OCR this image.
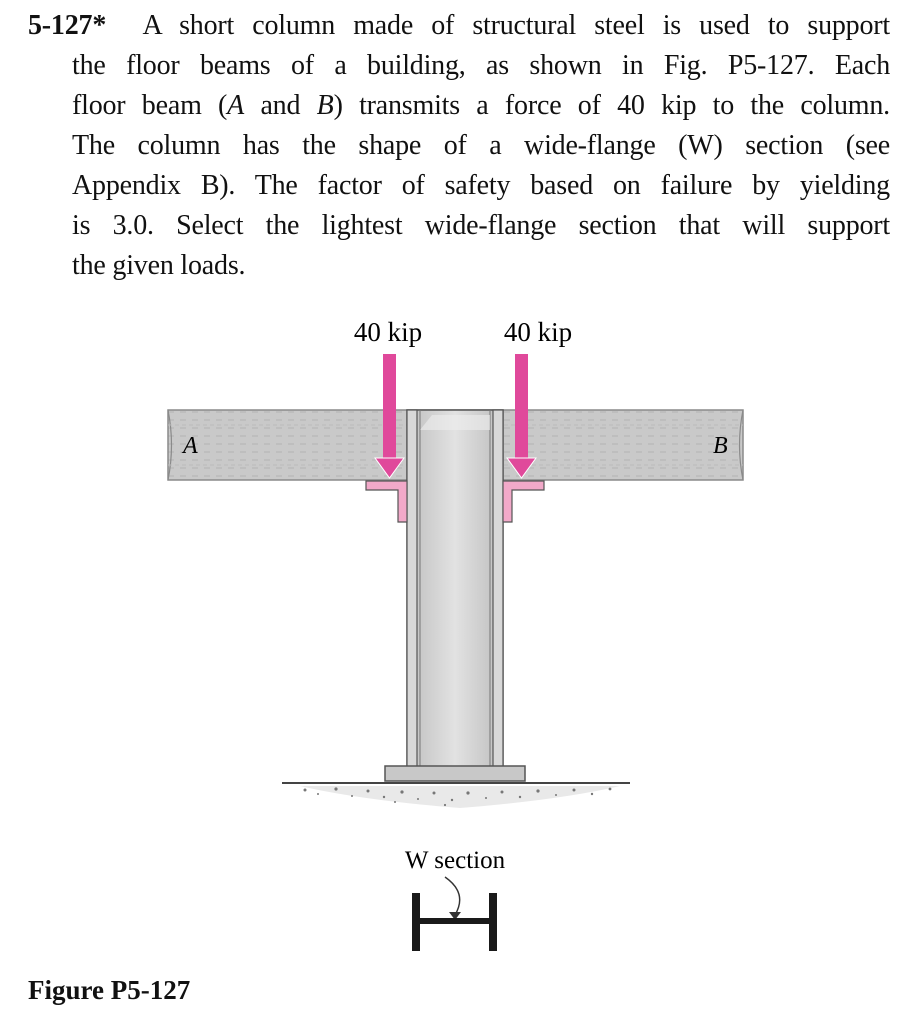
5-127* A short column made of structural steel is used to support
the floor beams of a building, as shown in Fig. P5-127. Each
floor beam (A and B) transmits a force of 40 kip to the column.
The column has the shape of a wide-flange (W) section (see
Appendix B). The factor of safety based on failure by yielding
is 3.0. Select the lightest wide-flange section that will support
the given loads.
40 kip	40 kip
A	B
W section
Figure P5-127
